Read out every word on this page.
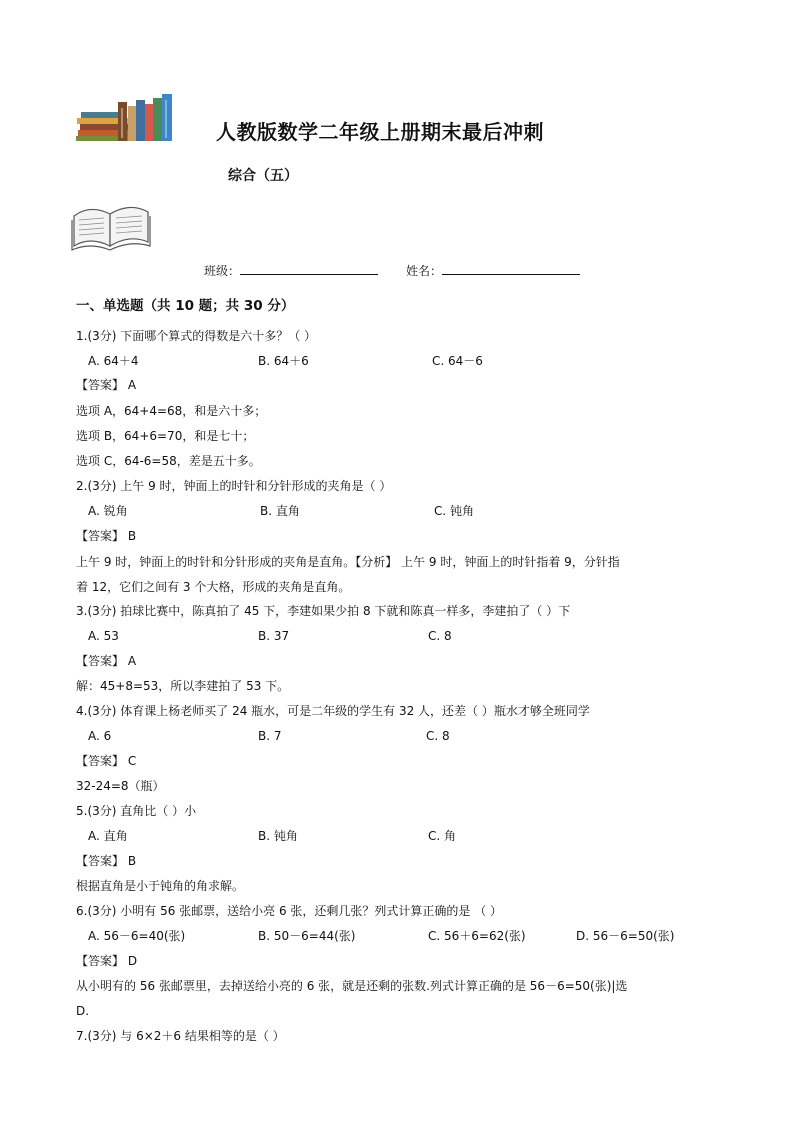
人教版数学二年级上册期末最后冲刺
综合（五）
班级：	姓名：
一、单选题（共 10 题；共 30 分）
1.(3分) 下面哪个算式的得数是六十多？（ ）
A. 64＋4	B. 64＋6	C. 64－6
【答案】 A
选项 A，64+4=68，和是六十多；
选项 B，64+6=70，和是七十；
选项 C，64-6=58，差是五十多。
2.(3分) 上午 9 时，钟面上的时针和分针形成的夹角是（ ）
A. 锐角	B. 直角	C. 钝角
【答案】 B
上午 9 时，钟面上的时针和分针形成的夹角是直角。【分析】 上午 9 时，钟面上的时针指着 9，分针指
着 12，它们之间有 3 个大格，形成的夹角是直角。
3.(3分) 拍球比赛中，陈真拍了 45 下，李建如果少拍 8 下就和陈真一样多，李建拍了（ ）下
A. 53	B. 37	C. 8
【答案】 A
解：45+8=53，所以李建拍了 53 下。
4.(3分) 体育课上杨老师买了 24 瓶水，可是二年级的学生有 32 人，还差（ ）瓶水才够全班同学
A. 6	B. 7	C. 8
【答案】 C
32-24=8（瓶）
5.(3分) 直角比（ ）小
A. 直角	B. 钝角	C. 角
【答案】 B
根据直角是小于钝角的角求解。
6.(3分) 小明有 56 张邮票，送给小亮 6 张，还剩几张？列式计算正确的是 （ ）
A. 56－6=40(张)	B. 50－6=44(张)	C. 56＋6=62(张)	D. 56－6=50(张)
【答案】 D
从小明有的 56 张邮票里，去掉送给小亮的 6 张，就是还剩的张数.列式计算正确的是 56－6=50(张)|选
D.
7.(3分) 与 6×2＋6 结果相等的是（ ）
